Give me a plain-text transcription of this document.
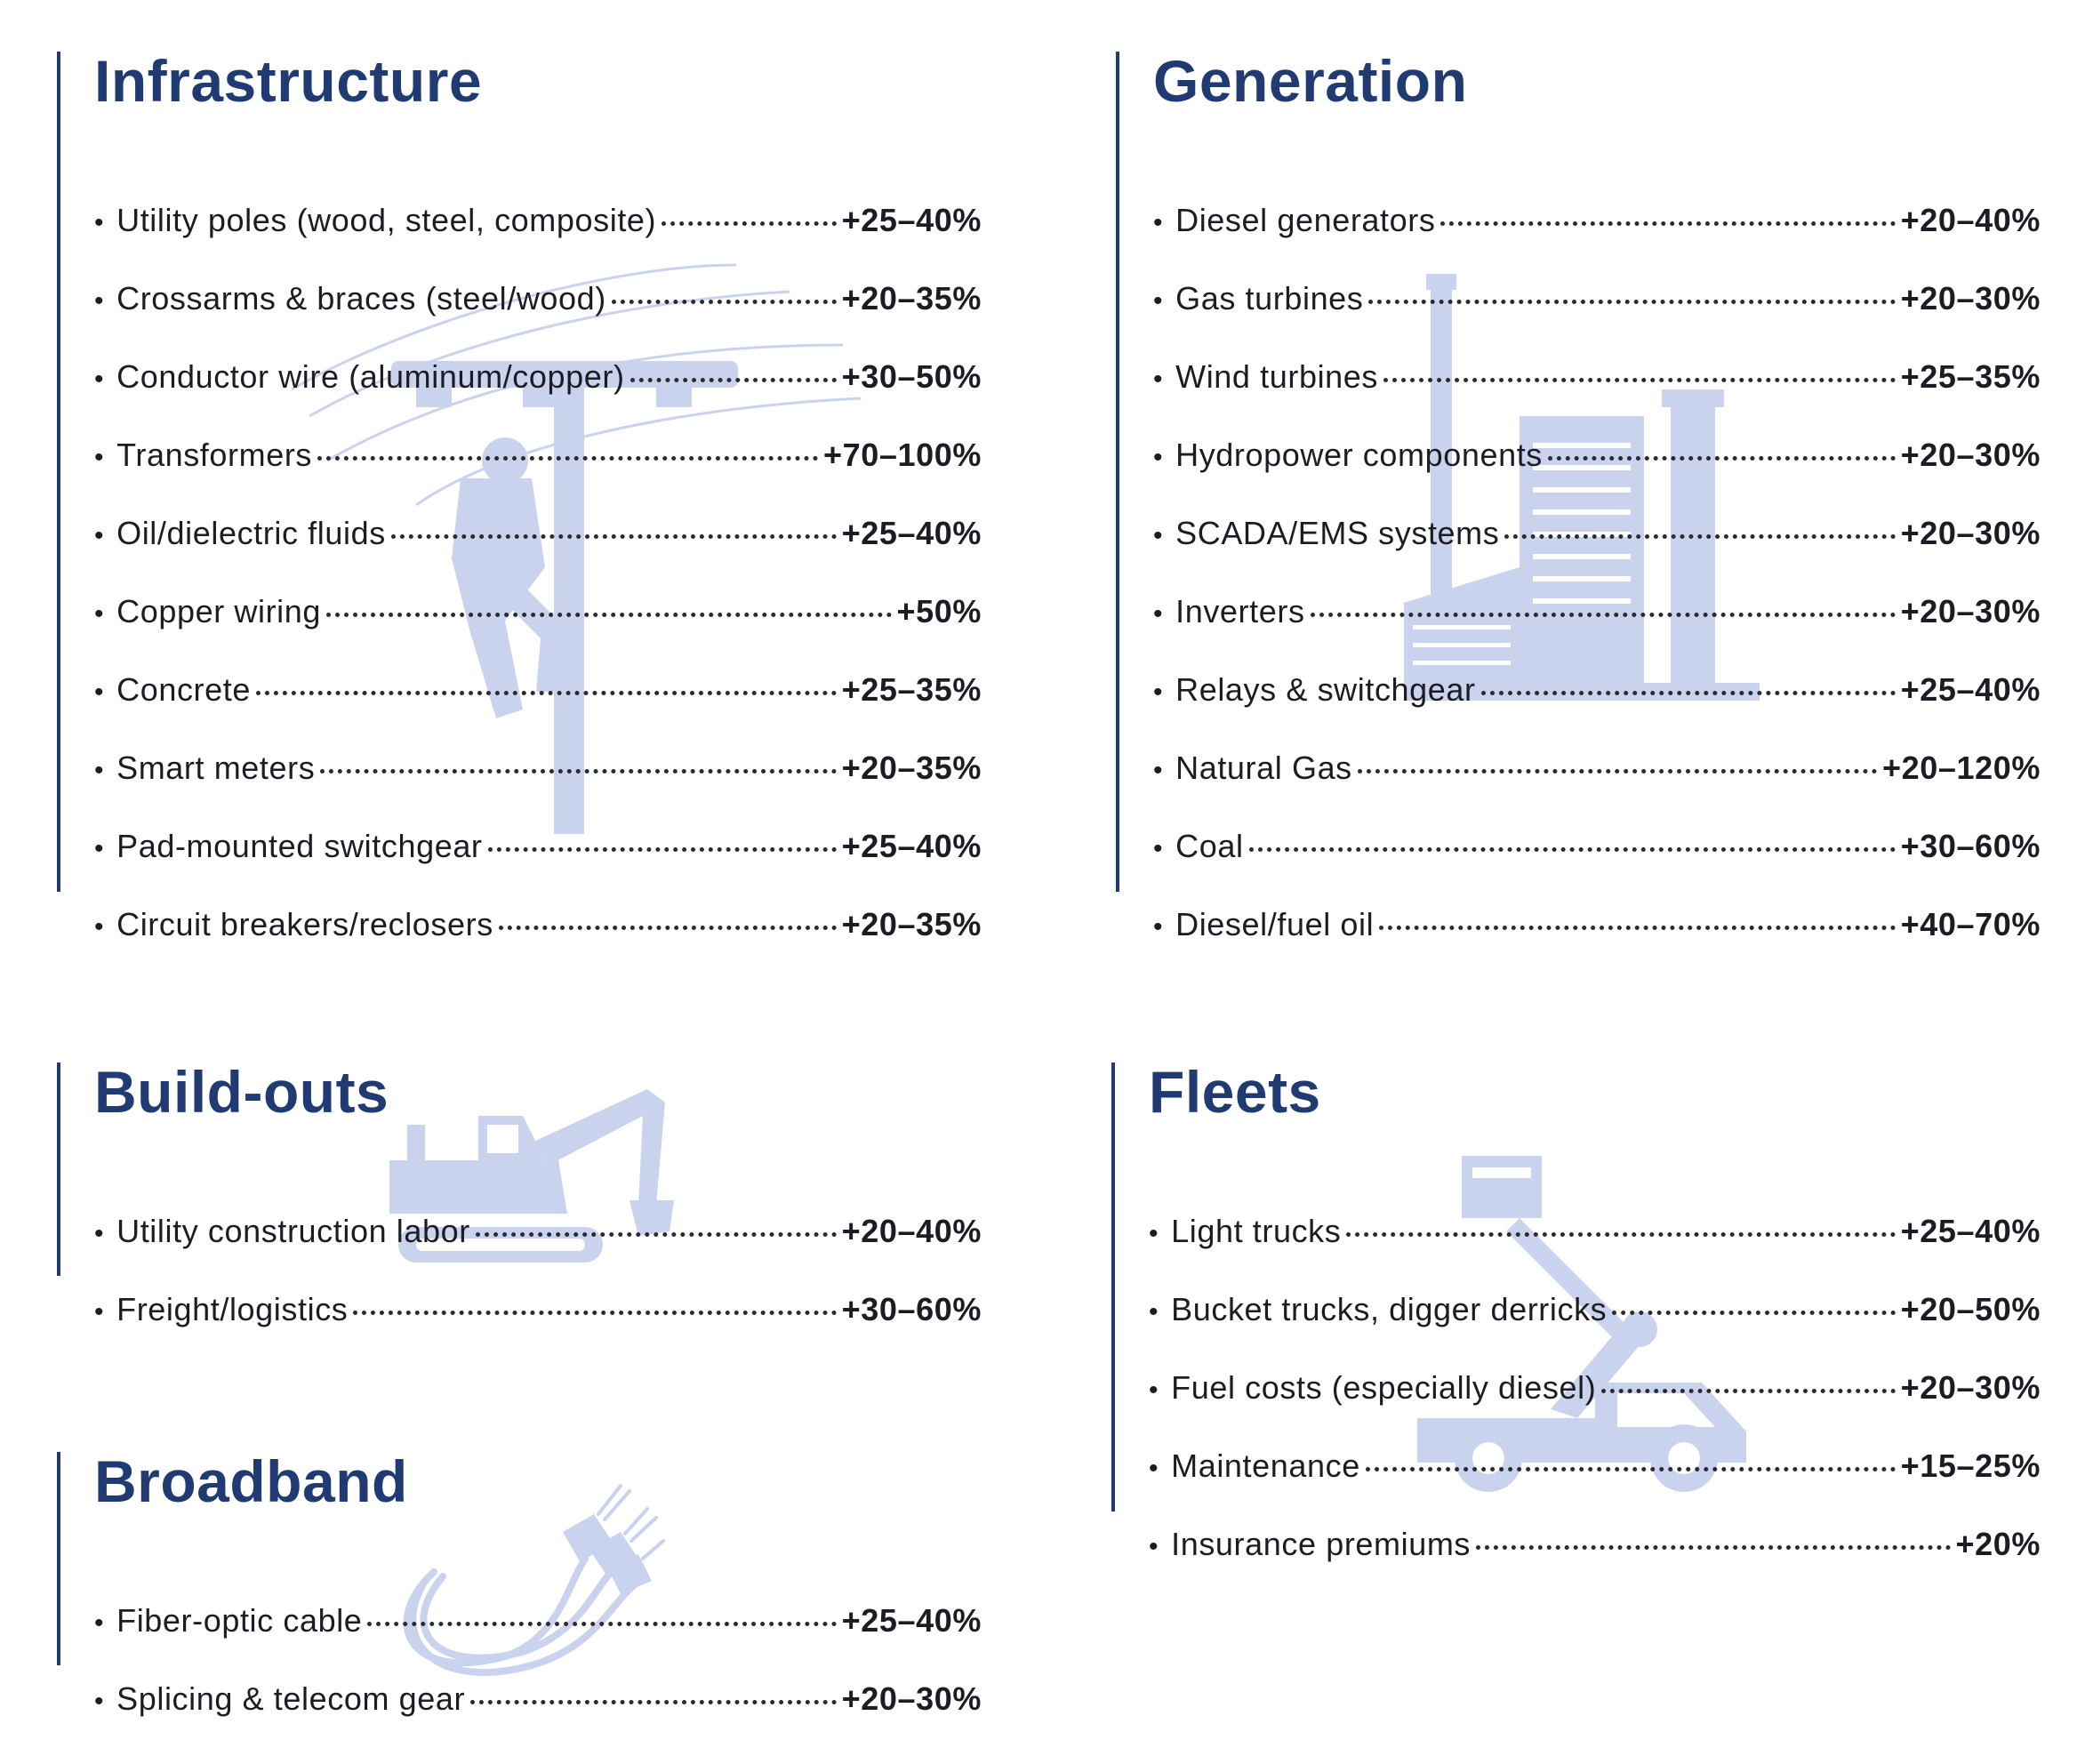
Infrastructure
• Utility poles (wood, steel, composite)	+25–40%
• Crossarms & braces (steel/wood)	+20–35%
• Conductor wire (aluminum/copper)	+30–50%
• Transformers	+70–100%
• Oil/dielectric fluids	+25–40%
• Copper wiring	+50%
• Concrete	+25–35%
• Smart meters	+20–35%
• Pad-mounted switchgear	+25–40%
• Circuit breakers/reclosers	+20–35%
Generation
• Diesel generators	+20–40%
• Gas turbines	+20–30%
• Wind turbines	+25–35%
• Hydropower components	+20–30%
• SCADA/EMS systems	+20–30%
• Inverters	+20–30%
• Relays & switchgear	+25–40%
• Natural Gas	+20–120%
• Coal	+30–60%
• Diesel/fuel oil	+40–70%
Build-outs
• Utility construction labor	+20–40%
• Freight/logistics	+30–60%
Fleets
• Light trucks	+25–40%
• Bucket trucks, digger derricks	+20–50%
• Fuel costs (especially diesel)	+20–30%
• Maintenance	+15–25%
• Insurance premiums	+20%
Broadband
• Fiber-optic cable	+25–40%
• Splicing & telecom gear	+20–30%
